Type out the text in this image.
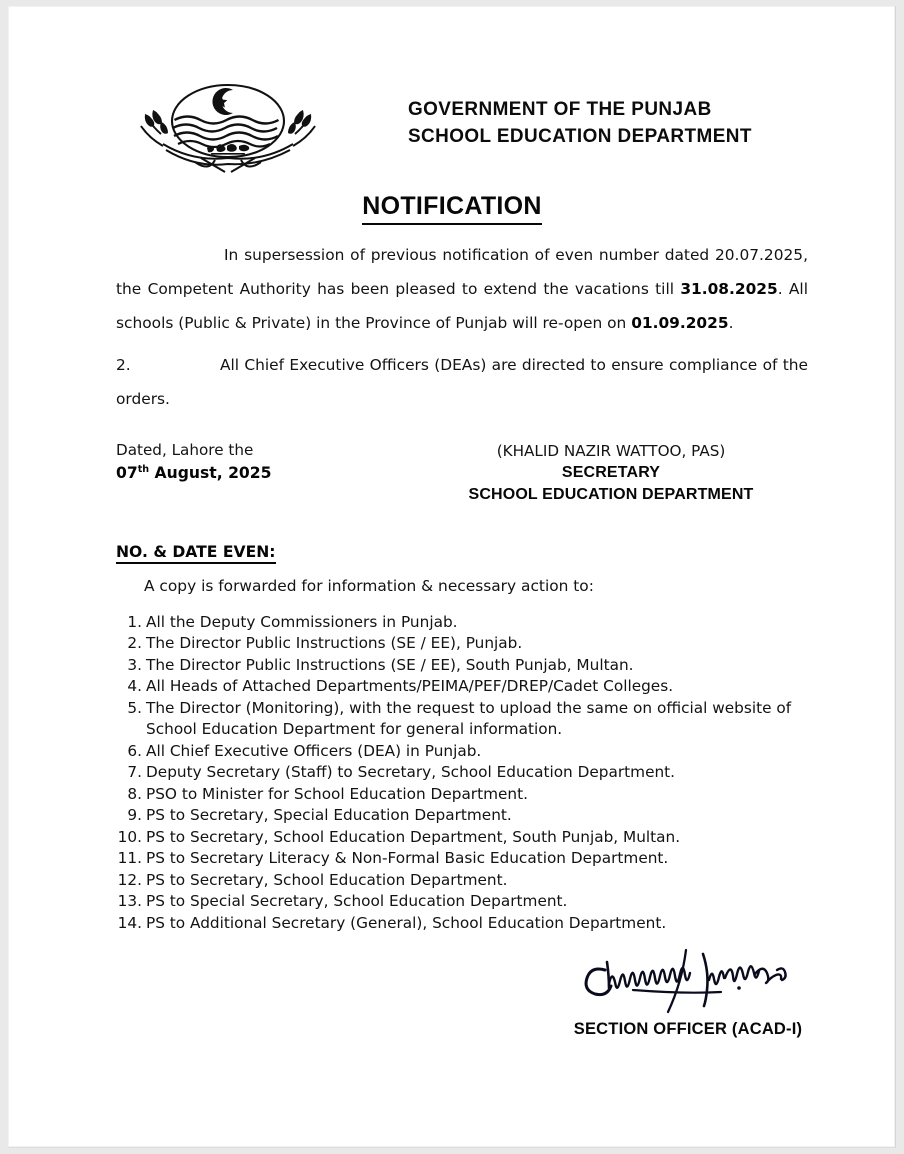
GOVERNMENT OF THE PUNJAB
SCHOOL EDUCATION DEPARTMENT
NOTIFICATION
In supersession of previous notification of even number dated 20.07.2025, the Competent Authority has been pleased to extend the vacations till 31.08.2025. All schools (Public & Private) in the Province of Punjab will re-open on 01.09.2025.
2.	All Chief Executive Officers (DEAs) are directed to ensure compliance of the orders.
Dated, Lahore the
07th August, 2025
(KHALID NAZIR WATTOO, PAS)
SECRETARY
SCHOOL EDUCATION DEPARTMENT
NO. & DATE EVEN:
A copy is forwarded for information & necessary action to:
1. All the Deputy Commissioners in Punjab.
2. The Director Public Instructions (SE / EE), Punjab.
3. The Director Public Instructions (SE / EE), South Punjab, Multan.
4. All Heads of Attached Departments/PEIMA/PEF/DREP/Cadet Colleges.
5. The Director (Monitoring), with the request to upload the same on official website of School Education Department for general information.
6. All Chief Executive Officers (DEA) in Punjab.
7. Deputy Secretary (Staff) to Secretary, School Education Department.
8. PSO to Minister for School Education Department.
9. PS to Secretary, Special Education Department.
10. PS to Secretary, School Education Department, South Punjab, Multan.
11. PS to Secretary Literacy & Non-Formal Basic Education Department.
12. PS to Secretary, School Education Department.
13. PS to Special Secretary, School Education Department.
14. PS to Additional Secretary (General), School Education Department.
SECTION OFFICER (ACAD-I)
